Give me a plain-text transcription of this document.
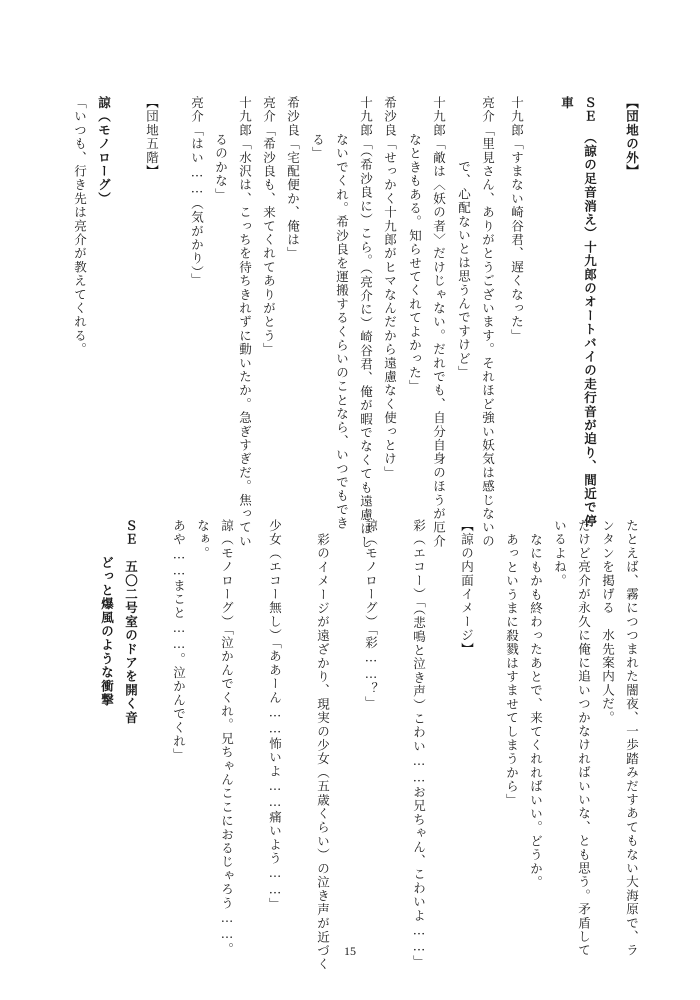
【団地の外】
ＳＥ　（諒の足音消え）十九郎のオートバイの走行音が迫り、間近で停
車
十九郎「すまない崎谷君、遅くなった」
亮介「里見さん、ありがとうございます。それほど強い妖気は感じないの
で、心配ないとは思うんですけど」
十九郎「敵は〈妖の者〉だけじゃない。だれでも、自分自身のほうが厄介
なときもある。知らせてくれてよかった」
希沙良「せっかく十九郎がヒマなんだから遠慮なく使っとけ」
十九郎「（希沙良に）こら。（亮介に）崎谷君、俺が暇でなくても遠慮はし
ないでくれ。希沙良を運搬するくらいのことなら、いつでもでき
る」
希沙良「宅配便か、俺は」
亮介「希沙良も、来てくれてありがとう」
十九郎「水沢は、こっちを待ちきれずに動いたか。急ぎすぎだ。焦ってい
るのかな」
亮介「はい……（気がかり）」
【団地五階】
諒（モノローグ）
「いつも、行き先は亮介が教えてくれる。
たとえば、霧につつまれた闇夜、一歩踏みだすあてもない大海原で、ラ
ンタンを掲げる　水先案内人だ。
だけど亮介が永久に俺に追いつかなければいいな、とも思う。矛盾して
いるよね。
なにもかも終わったあとで、来てくれればいい。どうか。
あっというまに殺戮はすませてしまうから」
【諒の内面イメージ】
彩（エコー）「（悲鳴と泣き声）こわい……お兄ちゃん、こわいよ……」
諒（モノローグ）「彩……？」
彩のイメージが遠ざかり、現実の少女（五歳くらい）の泣き声が近づく
少女（エコー無し）「ああーん……怖いよ……痛いよう……」
諒（モノローグ）「泣かんでくれ。兄ちゃんここにおるじゃろう……。
なぁ。
あや……まこと……。泣かんでくれ」
ＳＥ　五〇二号室のドアを開く音
どっと爆風のような衝撃
15
